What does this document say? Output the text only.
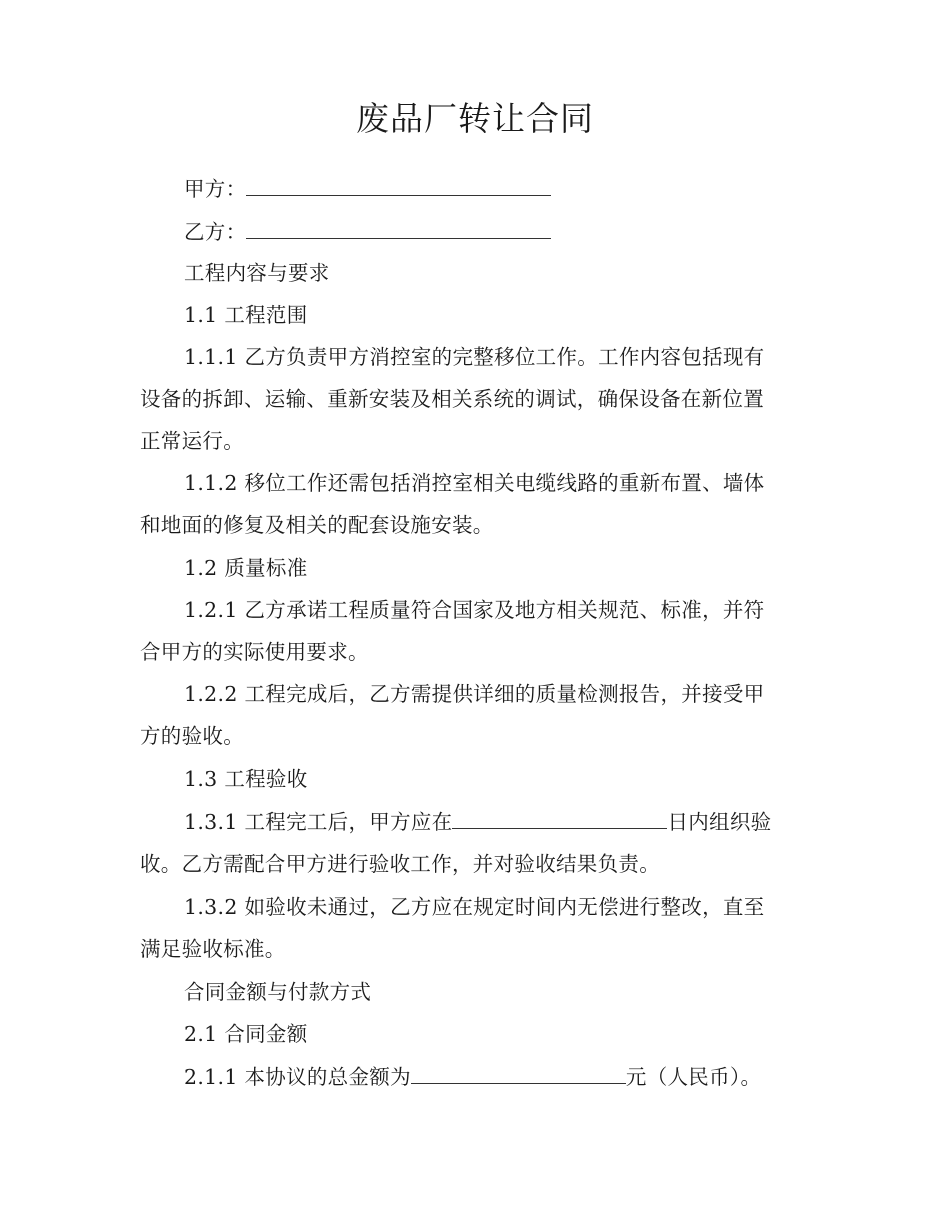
废品厂转让合同
甲方：
乙方：
工程内容与要求
1.1 工程范围
1.1.1 乙方负责甲方消控室的完整移位工作。工作内容包括现有
设备的拆卸、运输、重新安装及相关系统的调试，确保设备在新位置
正常运行。
1.1.2 移位工作还需包括消控室相关电缆线路的重新布置、墙体
和地面的修复及相关的配套设施安装。
1.2 质量标准
1.2.1 乙方承诺工程质量符合国家及地方相关规范、标准，并符
合甲方的实际使用要求。
1.2.2 工程完成后，乙方需提供详细的质量检测报告，并接受甲
方的验收。
1.3 工程验收
1.3.1 工程完工后，甲方应在	日内组织验
收。乙方需配合甲方进行验收工作，并对验收结果负责。
1.3.2 如验收未通过，乙方应在规定时间内无偿进行整改，直至
满足验收标准。
合同金额与付款方式
2.1 合同金额
2.1.1 本协议的总金额为	元（人民币）。
